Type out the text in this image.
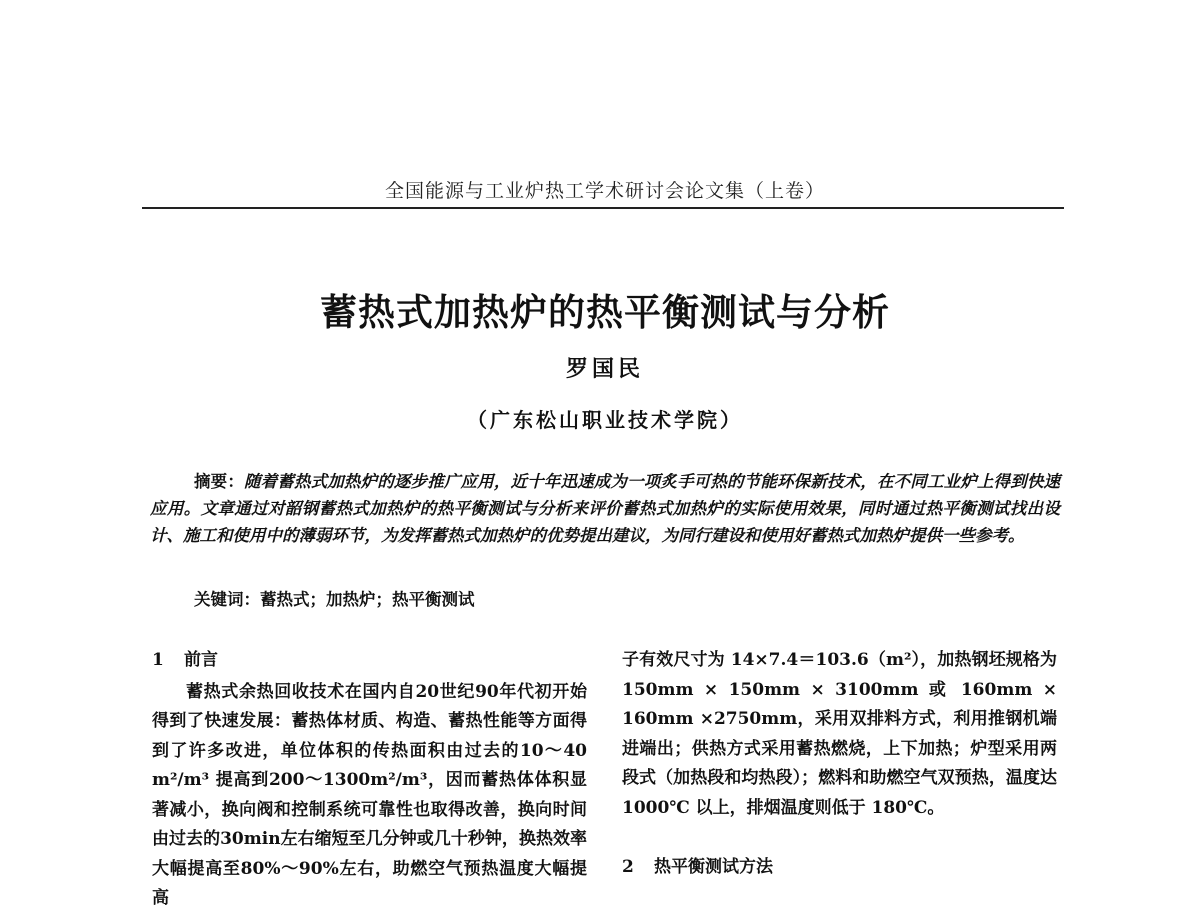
全国能源与工业炉热工学术研讨会论文集（上卷）
蓄热式加热炉的热平衡测试与分析
罗国民
（广东松山职业技术学院）
摘要：随着蓄热式加热炉的逐步推广应用，近十年迅速成为一项炙手可热的节能环保新技术，在不同工业炉上得到快速应用。文章通过对韶钢蓄热式加热炉的热平衡测试与分析来评价蓄热式加热炉的实际使用效果，同时通过热平衡测试找出设计、施工和使用中的薄弱环节，为发挥蓄热式加热炉的优势提出建议，为同行建设和使用好蓄热式加热炉提供一些参考。
关键词：蓄热式；加热炉；热平衡测试
1 前言
蓄热式余热回收技术在国内自20世纪90年代初开始得到了快速发展：蓄热体材质、构造、蓄热性能等方面得到了许多改进，单位体积的传热面积由过去的10～40 m²/m³ 提高到200～1300m²/m³，因而蓄热体体积显著减小，换向阀和控制系统可靠性也取得改善，换向时间由过去的30min左右缩短至几分钟或几十秒钟，换热效率大幅提高至80%～90%左右，助燃空气预热温度大幅提高
子有效尺寸为 14×7.4＝103.6（m²），加热钢坯规格为 150mm × 150mm × 3100mm 或 160mm × 160mm ×2750mm，采用双排料方式，利用推钢机端进端出；供热方式采用蓄热燃烧，上下加热；炉型采用两段式（加热段和均热段）；燃料和助燃空气双预热，温度达 1000℃ 以上，排烟温度则低于 180℃。
2 热平衡测试方法
